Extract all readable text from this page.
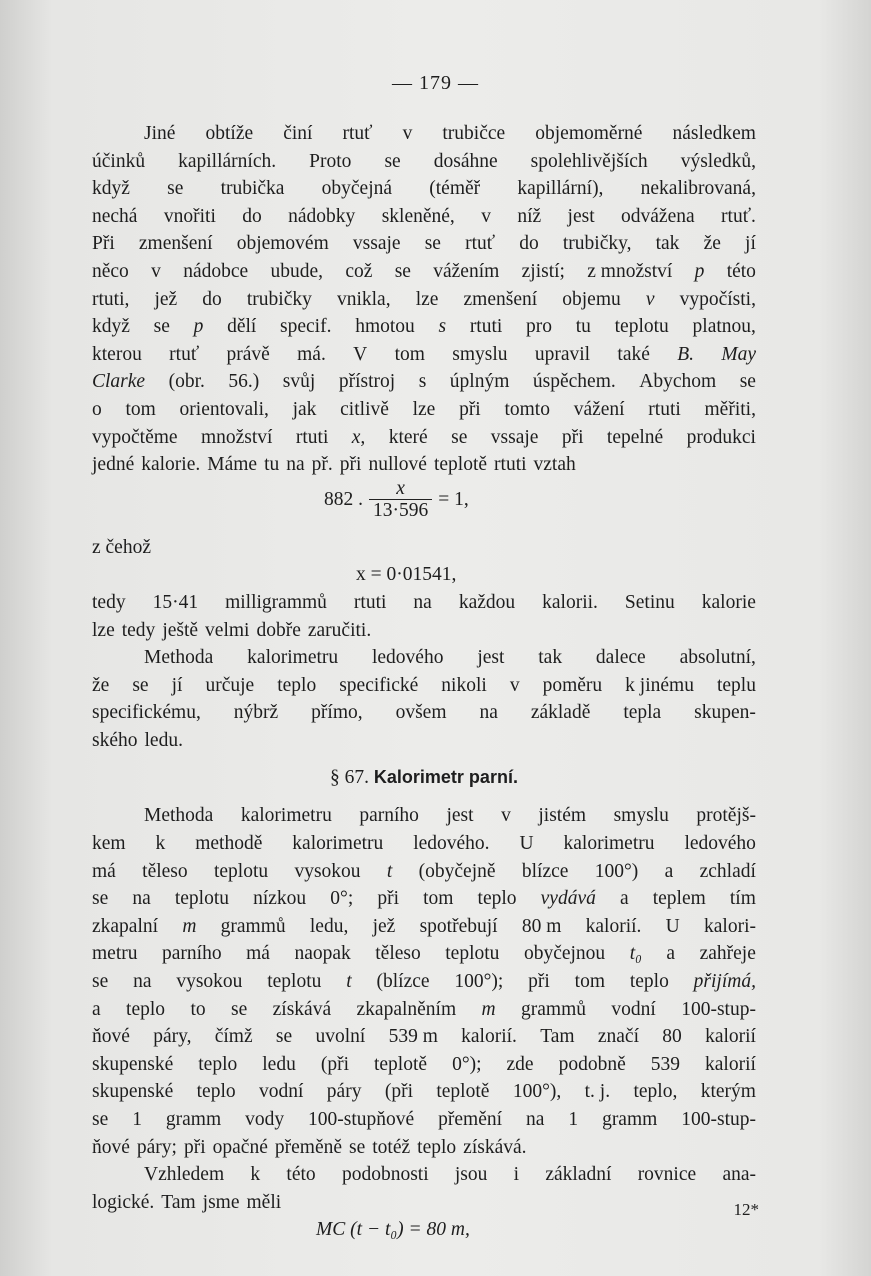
— 179 —
Jiné obtíže činí rtuť v trubičce objemoměrné následkem
účinků kapillárních. Proto se dosáhne spolehlivějších výsledků,
když se trubička obyčejná (téměř kapillární), nekalibrovaná,
nechá vnořiti do nádobky skleněné, v níž jest odvážena rtuť.
Při zmenšení objemovém vssaje se rtuť do trubičky, tak že jí
něco v nádobce ubude, což se vážením zjistí; z množství p této
rtuti, jež do trubičky vnikla, lze zmenšení objemu v vypočísti,
když se p dělí specif. hmotou s rtuti pro tu teplotu platnou,
kterou rtuť právě má. V tom smyslu upravil také B. May
Clarke (obr. 56.) svůj přístroj s úplným úspěchem. Abychom se
o tom orientovali, jak citlivě lze při tomto vážení rtuti měřiti,
vypočtěme množství rtuti x, které se vssaje při tepelné produkci
jedné kalorie. Máme tu na př. při nullové teplotě rtuti vztah
z čehož
x = 0·01541,
tedy 15·41 milligrammů rtuti na každou kalorii. Setinu kalorie
lze tedy ještě velmi dobře zaručiti.
Methoda kalorimetru ledového jest tak dalece absolutní,
že se jí určuje teplo specifické nikoli v poměru k jinému teplu
specifickému, nýbrž přímo, ovšem na základě tepla skupen-
ského ledu.
§ 67. Kalorimetr parní.
Methoda kalorimetru parního jest v jistém smyslu protějš-
kem k methodě kalorimetru ledového. U kalorimetru ledového
má těleso teplotu vysokou t (obyčejně blízce 100°) a zchladí
se na teplotu nízkou 0°; při tom teplo vydává a teplem tím
zkapalní m grammů ledu, jež spotřebují 80 m kalorií. U kalori-
metru parního má naopak těleso teplotu obyčejnou t₀ a zahřeje
se na vysokou teplotu t (blízce 100°); při tom teplo přijímá,
a teplo to se získává zkapalněním m grammů vodní 100-stup-
ňové páry, čímž se uvolní 539 m kalorií. Tam značí 80 kalorií
skupenské teplo ledu (při teplotě 0°); zde podobně 539 kalorií
skupenské teplo vodní páry (při teplotě 100°), t. j. teplo, kterým
se 1 gramm vody 100-stupňové přemění na 1 gramm 100-stup-
ňové páry; při opačné přeměně se totéž teplo získává.
Vzhledem k této podobnosti jsou i základní rovnice ana-
logické. Tam jsme měli
MC (t − t₀) = 80 m,
882 . $\frac{x}{13\cdot 596} = 1$,
12*
